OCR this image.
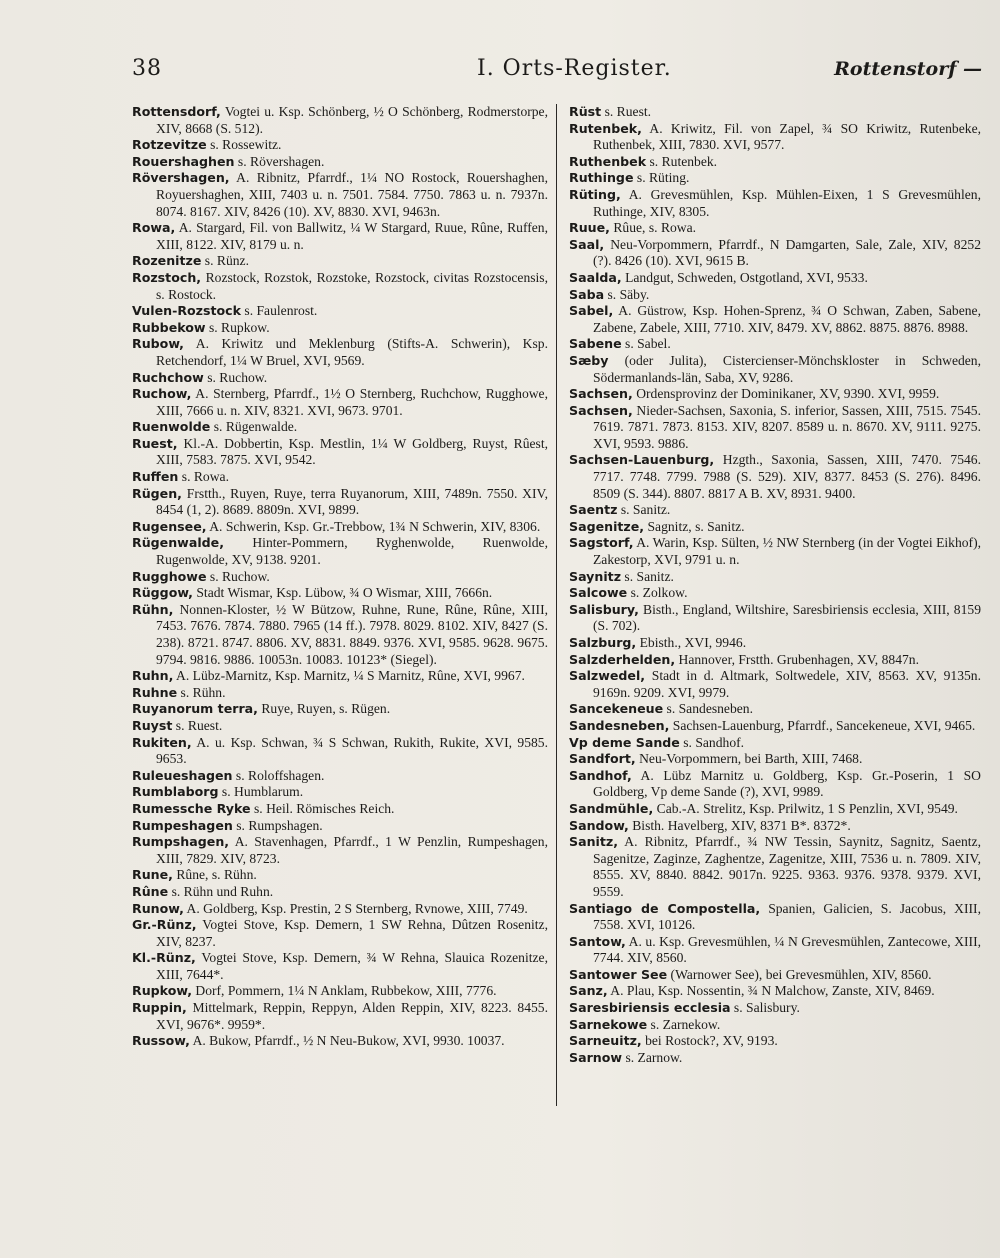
38	I. Orts-Register.	Rottenstorf —

Rottensdorf, Vogtei u. Ksp. Schönberg, ½ O Schönberg, Rodmerstorpe, XIV, 8668 (S. 512).

Rotzevitze s. Rossewitz.

Rouershaghen s. Rövershagen.

Rövershagen, A. Ribnitz, Pfarrdf., 1¼ NO Rostock, Rouershaghen, Royuershaghen, XIII, 7403 u. n. 7501. 7584. 7750. 7863 u. n. 7937n. 8074. 8167. XIV, 8426 (10). XV, 8830. XVI, 9463n.

Rowa, A. Stargard, Fil. von Ballwitz, ¼ W Stargard, Ruue, Rûne, Ruffen, XIII, 8122. XIV, 8179 u. n.

Rozenitze s. Rünz.

Rozstoch, Rozstock, Rozstok, Rozstoke, Rozstock, civitas Rozstocensis, s. Rostock.

Vulen-Rozstock s. Faulenrost.

Rubbekow s. Rupkow.

Rubow, A. Kriwitz und Meklenburg (Stifts-A. Schwerin), Ksp. Retchendorf, 1¼ W Bruel, XVI, 9569.

Ruchchow s. Ruchow.

Ruchow, A. Sternberg, Pfarrdf., 1½ O Sternberg, Ruchchow, Rugghowe, XIII, 7666 u. n. XIV, 8321. XVI, 9673. 9701.

Ruenwolde s. Rügenwalde.

Ruest, Kl.-A. Dobbertin, Ksp. Mestlin, 1¼ W Goldberg, Ruyst, Rûest, XIII, 7583. 7875. XVI, 9542.

Ruffen s. Rowa.

Rügen, Frstth., Ruyen, Ruye, terra Ruyanorum, XIII, 7489n. 7550. XIV, 8454 (1, 2). 8689. 8809n. XVI, 9899.

Rugensee, A. Schwerin, Ksp. Gr.-Trebbow, 1¾ N Schwerin, XIV, 8306.

Rügenwalde, Hinter-Pommern, Ryghenwolde, Ruenwolde, Rugenwolde, XV, 9138. 9201.

Rugghowe s. Ruchow.

Rüggow, Stadt Wismar, Ksp. Lübow, ¾ O Wismar, XIII, 7666n.

Rühn, Nonnen-Kloster, ½ W Bützow, Ruhne, Rune, Rûne, Rûne, XIII, 7453. 7676. 7874. 7880. 7965 (14 ff.). 7978. 8029. 8102. XIV, 8427 (S. 238). 8721. 8747. 8806. XV, 8831. 8849. 9376. XVI, 9585. 9628. 9675. 9794. 9816. 9886. 10053n. 10083. 10123* (Siegel).

Ruhn, A. Lübz-Marnitz, Ksp. Marnitz, ¼ S Marnitz, Rûne, XVI, 9967.

Ruhne s. Rühn.

Ruyanorum terra, Ruye, Ruyen, s. Rügen.

Ruyst s. Ruest.

Rukiten, A. u. Ksp. Schwan, ¾ S Schwan, Rukith, Rukite, XVI, 9585. 9653.

Ruleueshagen s. Roloffshagen.

Rumblaborg s. Humblarum.

Rumessche Ryke s. Heil. Römisches Reich.

Rumpeshagen s. Rumpshagen.

Rumpshagen, A. Stavenhagen, Pfarrdf., 1 W Penzlin, Rumpeshagen, XIII, 7829. XIV, 8723.

Rune, Rûne, s. Rühn.

Rûne s. Rühn und Ruhn.

Runow, A. Goldberg, Ksp. Prestin, 2 S Sternberg, Rvnowe, XIII, 7749.

Gr.-Rünz, Vogtei Stove, Ksp. Demern, 1 SW Rehna, Dûtzen Rosenitz, XIV, 8237.

Kl.-Rünz, Vogtei Stove, Ksp. Demern, ¾ W Rehna, Slauica Rozenitze, XIII, 7644*.

Rupkow, Dorf, Pommern, 1¼ N Anklam, Rubbekow, XIII, 7776.

Ruppin, Mittelmark, Reppin, Reppyn, Alden Reppin, XIV, 8223. 8455. XVI, 9676*. 9959*.

Russow, A. Bukow, Pfarrdf., ½ N Neu-Bukow, XVI, 9930. 10037.

Rüst s. Ruest.

Rutenbek, A. Kriwitz, Fil. von Zapel, ¾ SO Kriwitz, Rutenbeke, Ruthenbek, XIII, 7830. XVI, 9577.

Ruthenbek s. Rutenbek.

Ruthinge s. Rüting.

Rüting, A. Grevesmühlen, Ksp. Mühlen-Eixen, 1 S Grevesmühlen, Ruthinge, XIV, 8305.

Ruue, Rûue, s. Rowa.

Saal, Neu-Vorpommern, Pfarrdf., N Damgarten, Sale, Zale, XIV, 8252 (?). 8426 (10). XVI, 9615 B.

Saalda, Landgut, Schweden, Ostgotland, XVI, 9533.

Saba s. Säby.

Sabel, A. Güstrow, Ksp. Hohen-Sprenz, ¾ O Schwan, Zaben, Sabene, Zabene, Zabele, XIII, 7710. XIV, 8479. XV, 8862. 8875. 8876. 8988.

Sabene s. Sabel.

Sæby (oder Julita), Cistercienser-Mönchskloster in Schweden, Södermanlands-län, Saba, XV, 9286.

Sachsen, Ordensprovinz der Dominikaner, XV, 9390. XVI, 9959.

Sachsen, Nieder-Sachsen, Saxonia, S. inferior, Sassen, XIII, 7515. 7545. 7619. 7871. 7873. 8153. XIV, 8207. 8589 u. n. 8670. XV, 9111. 9275. XVI, 9593. 9886.

Sachsen-Lauenburg, Hzgth., Saxonia, Sassen, XIII, 7470. 7546. 7717. 7748. 7799. 7988 (S. 529). XIV, 8377. 8453 (S. 276). 8496. 8509 (S. 344). 8807. 8817 A B. XV, 8931. 9400.

Saentz s. Sanitz.

Sagenitze, Sagnitz, s. Sanitz.

Sagstorf, A. Warin, Ksp. Sülten, ½ NW Sternberg (in der Vogtei Eikhof), Zakestorp, XVI, 9791 u. n.

Saynitz s. Sanitz.

Salcowe s. Zolkow.

Salisbury, Bisth., England, Wiltshire, Saresbiriensis ecclesia, XIII, 8159 (S. 702).

Salzburg, Ebisth., XVI, 9946.

Salzderhelden, Hannover, Frstth. Grubenhagen, XV, 8847n.

Salzwedel, Stadt in d. Altmark, Soltwedele, XIV, 8563. XV, 9135n. 9169n. 9209. XVI, 9979.

Sancekeneue s. Sandesneben.

Sandesneben, Sachsen-Lauenburg, Pfarrdf., Sancekeneue, XVI, 9465.

Vp deme Sande s. Sandhof.

Sandfort, Neu-Vorpommern, bei Barth, XIII, 7468.

Sandhof, A. Lübz Marnitz u. Goldberg, Ksp. Gr.-Poserin, 1 SO Goldberg, Vp deme Sande (?), XVI, 9989.

Sandmühle, Cab.-A. Strelitz, Ksp. Prilwitz, 1 S Penzlin, XVI, 9549.

Sandow, Bisth. Havelberg, XIV, 8371 B*. 8372*.

Sanitz, A. Ribnitz, Pfarrdf., ¾ NW Tessin, Saynitz, Sagnitz, Saentz, Sagenitze, Zaginze, Zaghentze, Zagenitze, XIII, 7536 u. n. 7809. XIV, 8555. XV, 8840. 8842. 9017n. 9225. 9363. 9376. 9378. 9379. XVI, 9559.

Santiago de Compostella, Spanien, Galicien, S. Jacobus, XIII, 7558. XVI, 10126.

Santow, A. u. Ksp. Grevesmühlen, ¼ N Grevesmühlen, Zantecowe, XIII, 7744. XIV, 8560.

Santower See (Warnower See), bei Grevesmühlen, XIV, 8560.

Sanz, A. Plau, Ksp. Nossentin, ¾ N Malchow, Zanste, XIV, 8469.

Saresbiriensis ecclesia s. Salisbury.

Sarnekowe s. Zarnekow.

Sarneuitz, bei Rostock?, XV, 9193.

Sarnow s. Zarnow.
